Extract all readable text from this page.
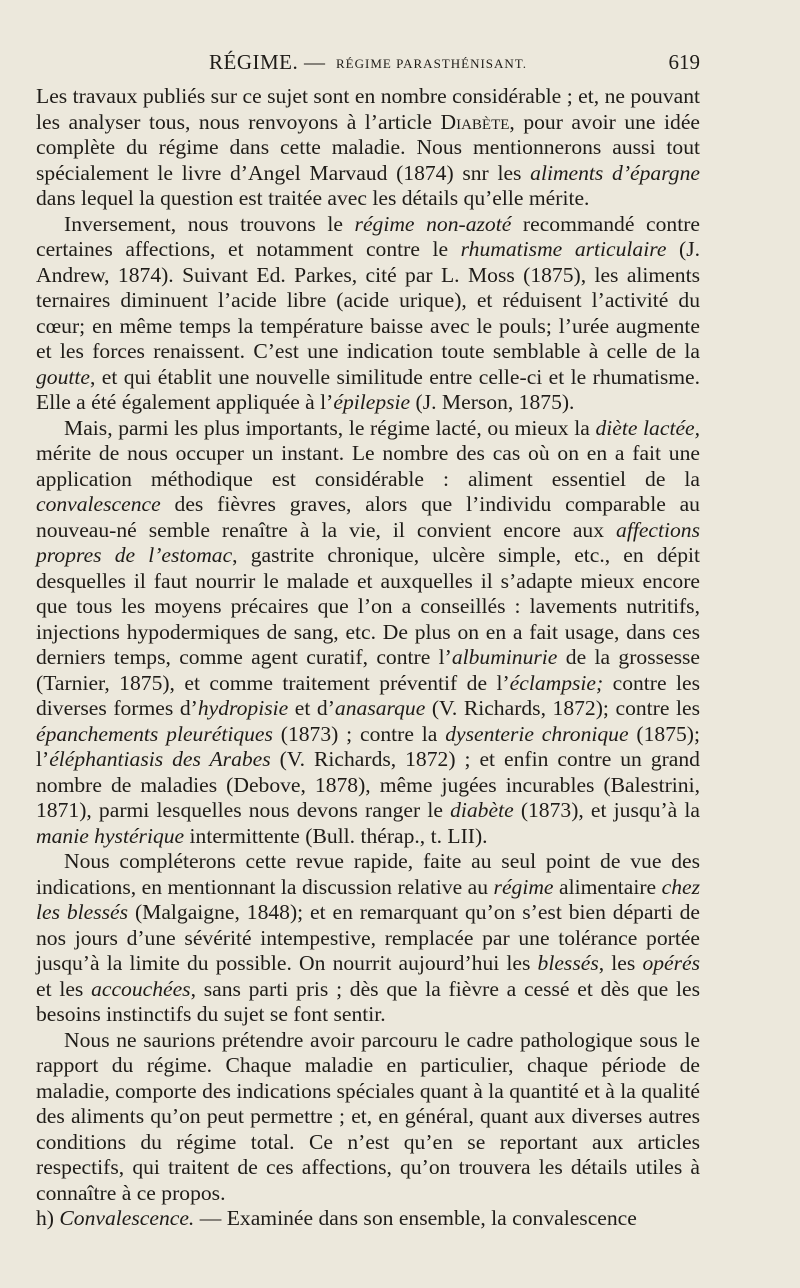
RÉGIME. — RÉGIME PARASTHÉNISANT.	619

Les travaux publiés sur ce sujet sont en nombre considérable ; et, ne pouvant les analyser tous, nous renvoyons à l’article Diabète, pour avoir une idée complète du régime dans cette maladie. Nous mentionnerons aussi tout spécialement le livre d’Angel Marvaud (1874) snr les aliments d’épargne dans lequel la question est traitée avec les détails qu’elle mérite.

Inversement, nous trouvons le régime non-azoté recommandé contre certaines affections, et notamment contre le rhumatisme articulaire (J. Andrew, 1874). Suivant Ed. Parkes, cité par L. Moss (1875), les aliments ternaires diminuent l’acide libre (acide urique), et réduisent l’activité du cœur; en même temps la température baisse avec le pouls; l’urée augmente et les forces renaissent. C’est une indication toute semblable à celle de la goutte, et qui établit une nouvelle similitude entre celle-ci et le rhumatisme. Elle a été également appliquée à l’épilepsie (J. Merson, 1875).

Mais, parmi les plus importants, le régime lacté, ou mieux la diète lactée, mérite de nous occuper un instant. Le nombre des cas où on en a fait une application méthodique est considérable : aliment essentiel de la convalescence des fièvres graves, alors que l’individu comparable au nouveau-né semble renaître à la vie, il convient encore aux affections propres de l’estomac, gastrite chronique, ulcère simple, etc., en dépit desquelles il faut nourrir le malade et auxquelles il s’adapte mieux encore que tous les moyens précaires que l’on a conseillés : lavements nutritifs, injections hypodermiques de sang, etc. De plus on en a fait usage, dans ces derniers temps, comme agent curatif, contre l’albuminurie de la grossesse (Tarnier, 1875), et comme traitement préventif de l’éclampsie; contre les diverses formes d’hydropisie et d’anasarque (V. Richards, 1872); contre les épanchements pleurétiques (1873) ; contre la dysenterie chronique (1875); l’éléphantiasis des Arabes (V. Richards, 1872) ; et enfin contre un grand nombre de maladies (Debove, 1878), même jugées incurables (Balestrini, 1871), parmi lesquelles nous devons ranger le diabète (1873), et jusqu’à la manie hystérique intermittente (Bull. thérap., t. LII).

Nous compléterons cette revue rapide, faite au seul point de vue des indications, en mentionnant la discussion relative au régime alimentaire chez les blessés (Malgaigne, 1848); et en remarquant qu’on s’est bien départi de nos jours d’une sévérité intempestive, remplacée par une tolérance portée jusqu’à la limite du possible. On nourrit aujourd’hui les blessés, les opérés et les accouchées, sans parti pris ; dès que la fièvre a cessé et dès que les besoins instinctifs du sujet se font sentir.

Nous ne saurions prétendre avoir parcouru le cadre pathologique sous le rapport du régime. Chaque maladie en particulier, chaque période de maladie, comporte des indications spéciales quant à la quantité et à la qualité des aliments qu’on peut permettre ; et, en général, quant aux diverses autres conditions du régime total. Ce n’est qu’en se reportant aux articles respectifs, qui traitent de ces affections, qu’on trouvera les détails utiles à connaître à ce propos.

h) Convalescence. — Examinée dans son ensemble, la convalescence
